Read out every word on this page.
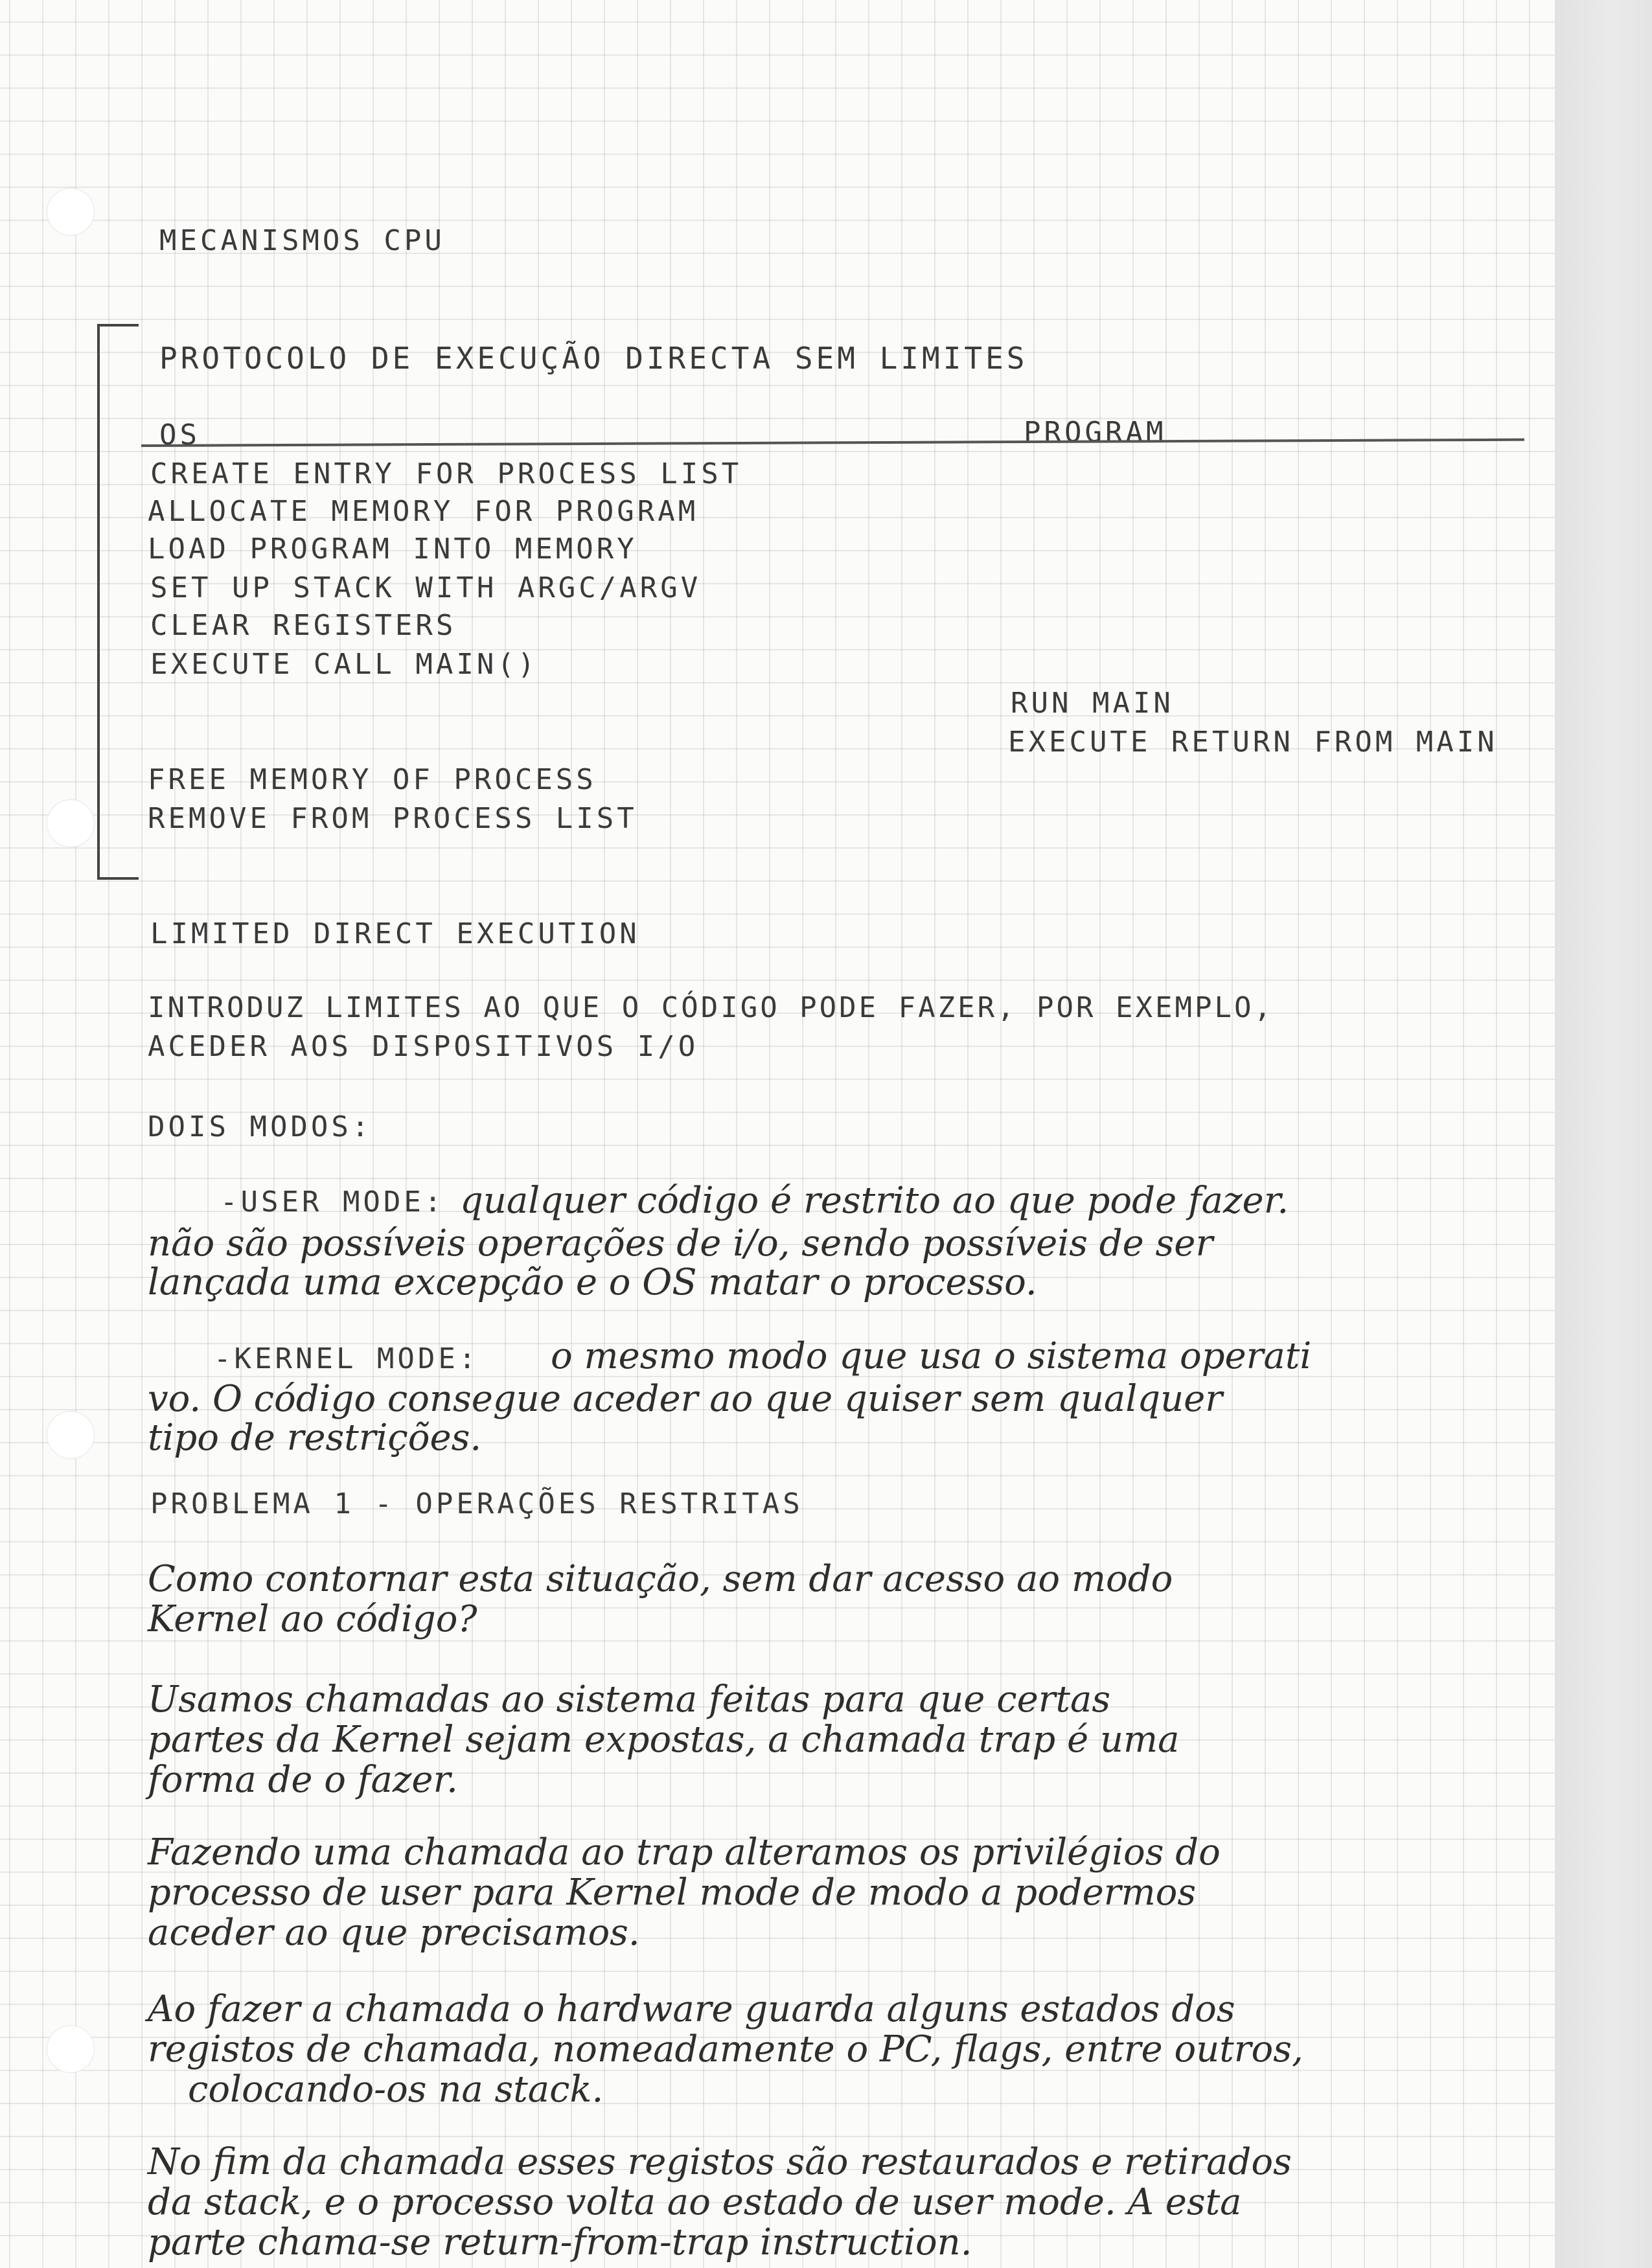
MECANISMOS CPU
PROTOCOLO DE EXECUÇÃO DIRECTA SEM LIMITES
OS	PROGRAM
CREATE ENTRY FOR PROCESS LIST
ALLOCATE MEMORY FOR PROGRAM
LOAD PROGRAM INTO MEMORY
SET UP STACK WITH ARGC/ARGV
CLEAR REGISTERS
EXECUTE CALL MAIN()
RUN MAIN
EXECUTE RETURN FROM MAIN
FREE MEMORY OF PROCESS
REMOVE FROM PROCESS LIST
LIMITED DIRECT EXECUTION
INTRODUZ LIMITES AO QUE O CÓDIGO PODE FAZER, POR EXEMPLO,
ACEDER AOS DISPOSITIVOS I/O
DOIS MODOS:
-USER MODE: qualquer código é restrito ao que pode fazer.
não são possíveis operações de i/o, sendo possíveis de ser
lançada uma excepção e o OS matar o processo.
-KERNEL MODE: o mesmo modo que usa o sistema operati
vo. O código consegue aceder ao que quiser sem qualquer
tipo de restrições.
PROBLEMA 1 - OPERAÇÕES RESTRITAS
Como contornar esta situação, sem dar acesso ao modo
Kernel ao código?
Usamos chamadas ao sistema feitas para que certas
partes da Kernel sejam expostas, a chamada trap é uma
forma de o fazer.
Fazendo uma chamada ao trap alteramos os privilégios do
processo de user para Kernel mode de modo a podermos
aceder ao que precisamos.
Ao fazer a chamada o hardware guarda alguns estados dos
registos de chamada, nomeadamente o PC, flags, entre outros,
colocando-os na stack.
No fim da chamada esses registos são restaurados e retirados
da stack, e o processo volta ao estado de user mode. A esta
parte chama-se return-from-trap instruction.
